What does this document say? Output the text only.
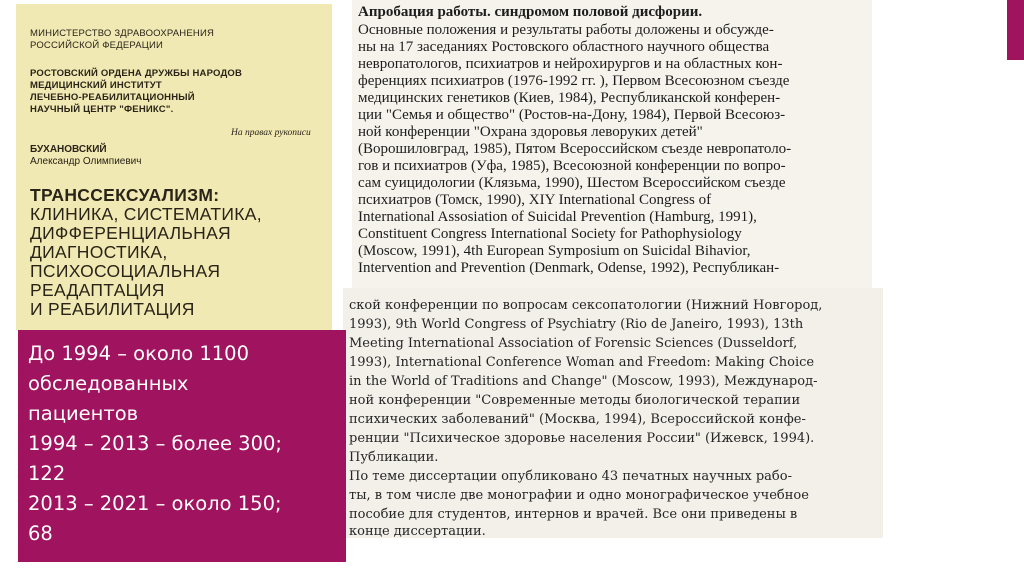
МИНИСТЕРСТВО ЗДРАВООХРАНЕНИЯ
РОССИЙСКОЙ ФЕДЕРАЦИИ
РОСТОВСКИЙ ОРДЕНА ДРУЖБЫ НАРОДОВ
МЕДИЦИНСКИЙ ИНСТИТУТ
ЛЕЧЕБНО-РЕАБИЛИТАЦИОННЫЙ
НАУЧНЫЙ ЦЕНТР "ФЕНИКС".
На правах рукописи
БУХАНОВСКИЙ
Александр Олимпиевич
ТРАНССЕКСУАЛИЗМ:
КЛИНИКА, СИСТЕМАТИКА,
ДИФФЕРЕНЦИАЛЬНАЯ
ДИАГНОСТИКА,
ПСИХОСОЦИАЛЬНАЯ
РЕАДАПТАЦИЯ
И РЕАБИЛИТАЦИЯ
Апробация работы. синдромом половой дисфории.
Основные положения и результаты работы доложены и обсужде-
ны на 17 заседаниях Ростовского областного научного общества
невропатологов, психиатров и нейрохирургов и на областных кон-
ференциях психиатров (1976-1992 гг. ), Первом Всесоюзном съезде
медицинских генетиков (Киев, 1984), Республиканской конферен-
ции "Семья и общество" (Ростов-на-Дону, 1984), Первой Всесоюз-
ной конференции "Охрана здоровья леворуких детей"
(Ворошиловград, 1985), Пятом Всероссийском съезде невропатоло-
гов и психиатров (Уфа, 1985), Всесоюзной конференции по вопро-
сам суицидологии (Клязьма, 1990), Шестом Всероссийском съезде
психиатров (Томск, 1990), XIY International Congress of
International Assosiation of Suicidal Prevention (Hamburg, 1991),
Constituent Congress International Society for Pathophysiology
(Moscow, 1991), 4th European Symposium on Suicidal Bihavior,
Intervention and Prevention (Denmark, Odense, 1992), Республикан-
ской конференции по вопросам сексопатологии (Нижний Новгород,
1993), 9th World Congress of Psychiatry (Rio de Janeiro, 1993), 13th
Meeting International Association of Forensic Sciences (Dusseldorf,
1993), International Conference Woman and Freedom: Making Choice
in the World of Traditions and Change" (Moscow, 1993), Международ-
ной конференции "Современные методы биологической терапии
психических заболеваний" (Москва, 1994), Всероссийской конфе-
ренции "Психическое здоровье населения России" (Ижевск, 1994).
Публикации.
По теме диссертации опубликовано 43 печатных научных рабо-
ты, в том числе две монографии и одно монографическое учебное
пособие для студентов, интернов и врачей. Все они приведены в
конце диссертации.
До 1994 – около 1100
обследованных
пациентов
1994 – 2013 – более 300;
122
2013 – 2021 – около 150;
68
